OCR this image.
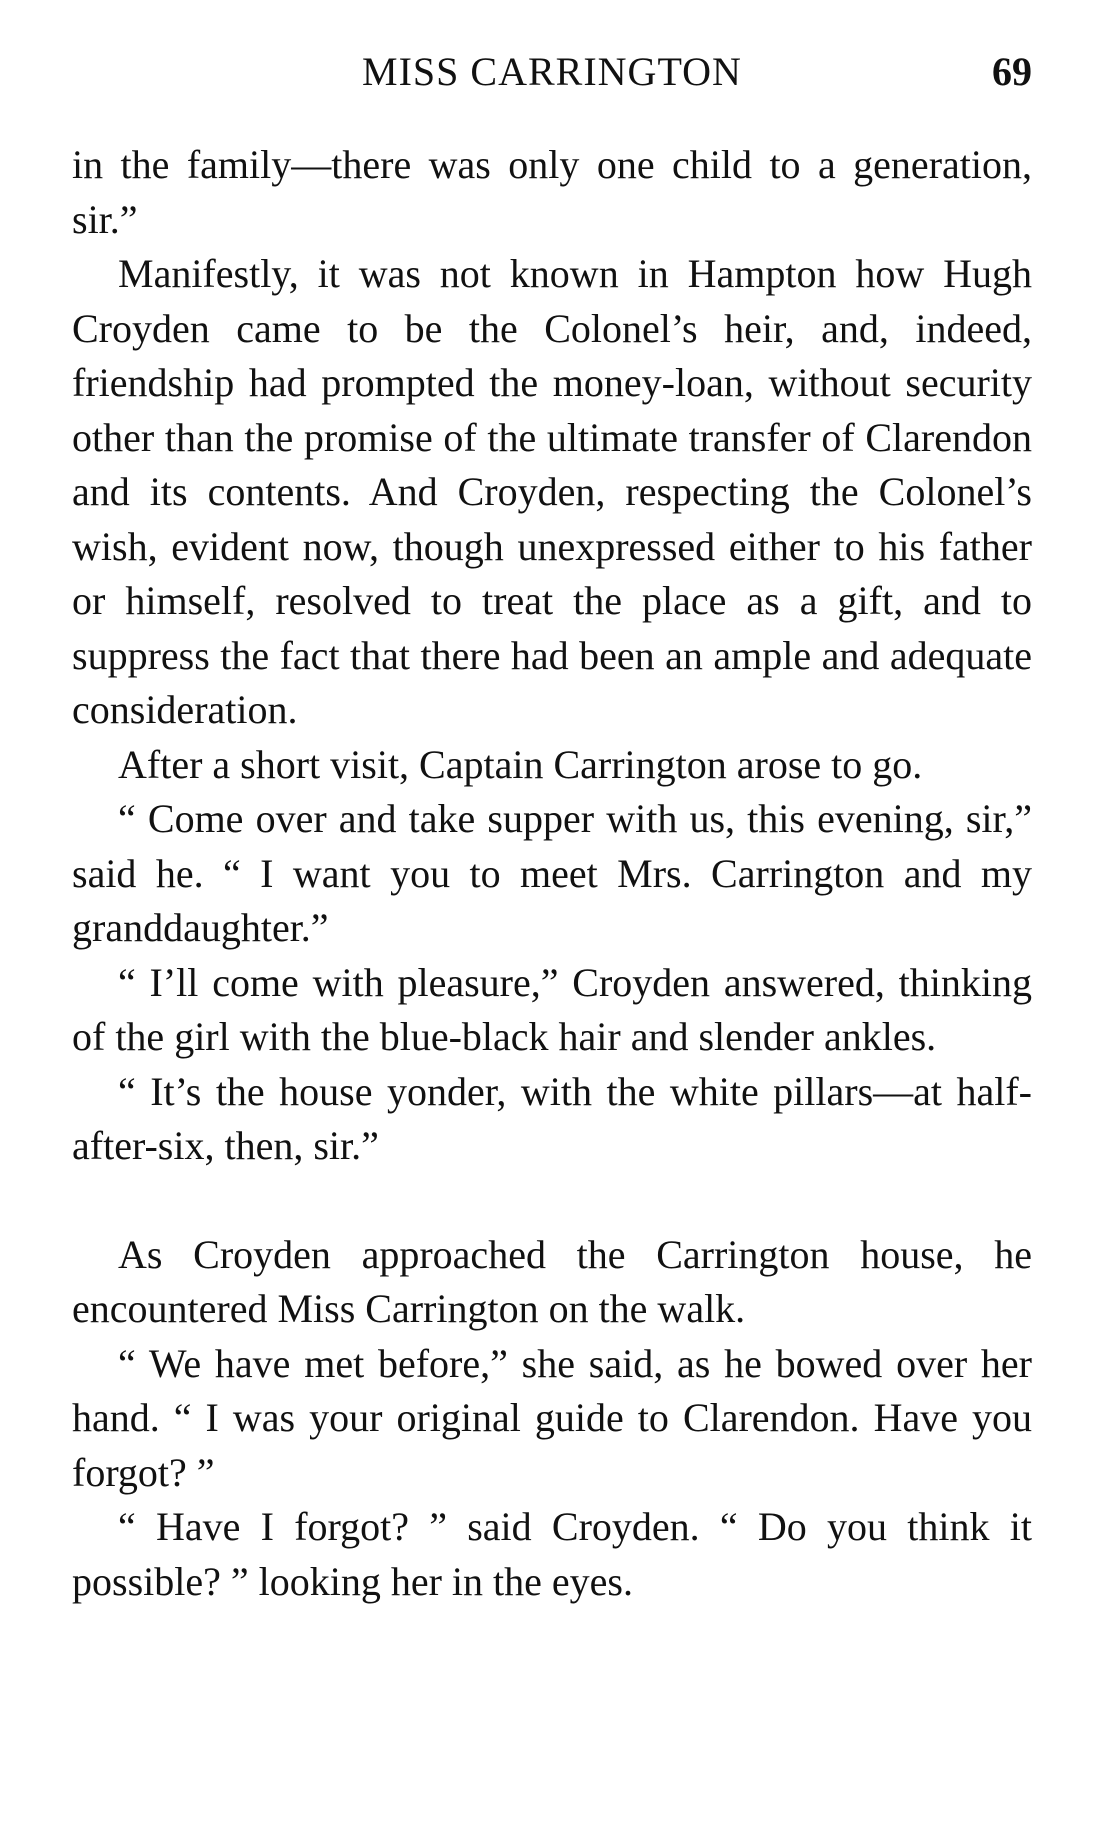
MISS CARRINGTON	69

in the family—there was only one child to a generation, sir.”

Manifestly, it was not known in Hampton how Hugh Croyden came to be the Colonel’s heir, and, indeed, friendship had prompted the money-loan, without security other than the promise of the ultimate transfer of Clarendon and its contents. And Croyden, respecting the Colonel’s wish, evident now, though unexpressed either to his father or himself, resolved to treat the place as a gift, and to suppress the fact that there had been an ample and adequate consideration.

After a short visit, Captain Carrington arose to go.

“ Come over and take supper with us, this evening, sir,” said he. “ I want you to meet Mrs. Carrington and my granddaughter.”

“ I’ll come with pleasure,” Croyden answered, thinking of the girl with the blue-black hair and slender ankles.

“ It’s the house yonder, with the white pillars—at half-after-six, then, sir.”

As Croyden approached the Carrington house, he encountered Miss Carrington on the walk.

“ We have met before,” she said, as he bowed over her hand. “ I was your original guide to Clarendon. Have you forgot? ”

“ Have I forgot? ” said Croyden. “ Do you think it possible? ” looking her in the eyes.
